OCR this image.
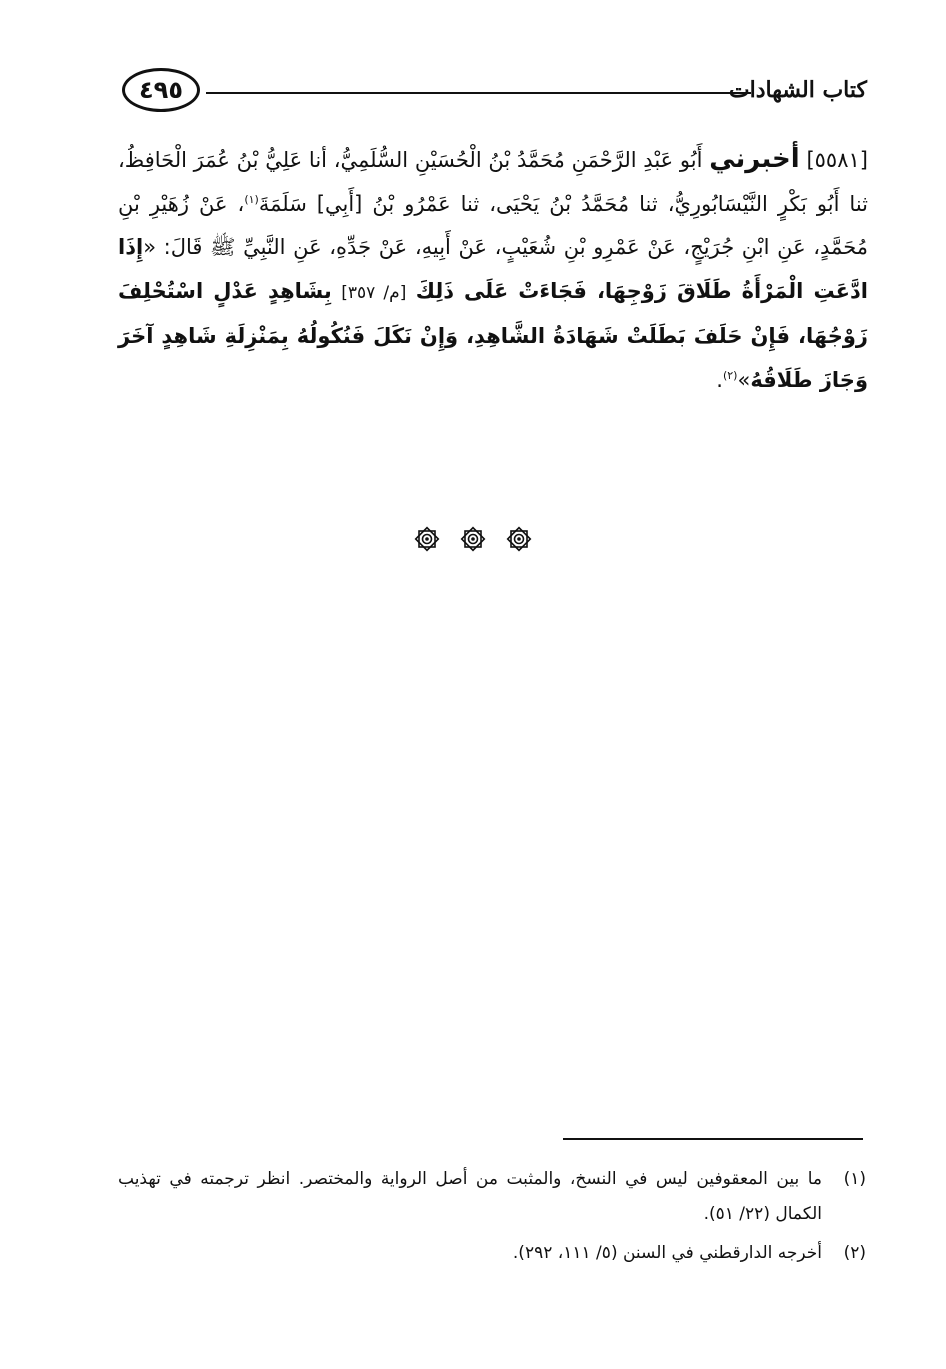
٤٩٥	كتاب الشهادات
[٥٥٨١] أخبرني أَبُو عَبْدِ الرَّحْمَنِ مُحَمَّدُ بْنُ الْحُسَيْنِ السُّلَمِيُّ، أنا عَلِيُّ بْنُ عُمَرَ الْحَافِظُ، ثنا أَبُو بَكْرٍ النَّيْسَابُورِيُّ، ثنا مُحَمَّدُ بْنُ يَحْيَى، ثنا عَمْرُو بْنُ [أَبِي] سَلَمَةَ$^{(١)}$، عَنْ زُهَيْرِ بْنِ مُحَمَّدٍ، عَنِ ابْنِ جُرَيْجٍ، عَنْ عَمْرِو بْنِ شُعَيْبٍ، عَنْ أَبِيهِ، عَنْ جَدِّهِ، عَنِ النَّبِيِّ ﷺ قَالَ: «إِذَا ادَّعَتِ الْمَرْأَةُ طَلَاقَ زَوْجِهَا، فَجَاءَتْ عَلَى ذَلِكَ [م/ ٣٥٧] بِشَاهِدٍ عَدْلٍ اسْتُحْلِفَ زَوْجُهَا، فَإِنْ حَلَفَ بَطَلَتْ شَهَادَةُ الشَّاهِدِ، وَإِنْ نَكَلَ فَنُكُولُهُ بِمَنْزِلَةِ شَاهِدٍ آخَرَ وَجَازَ طَلَاقُهُ»$^{(٢)}$.
(١)
ما بين المعقوفين ليس في النسخ، والمثبت من أصل الرواية والمختصر. انظر ترجمته في تهذيب الكمال (٢٢/ ٥١).
(٢)
أخرجه الدارقطني في السنن (٥/ ١١١، ٢٩٢).
